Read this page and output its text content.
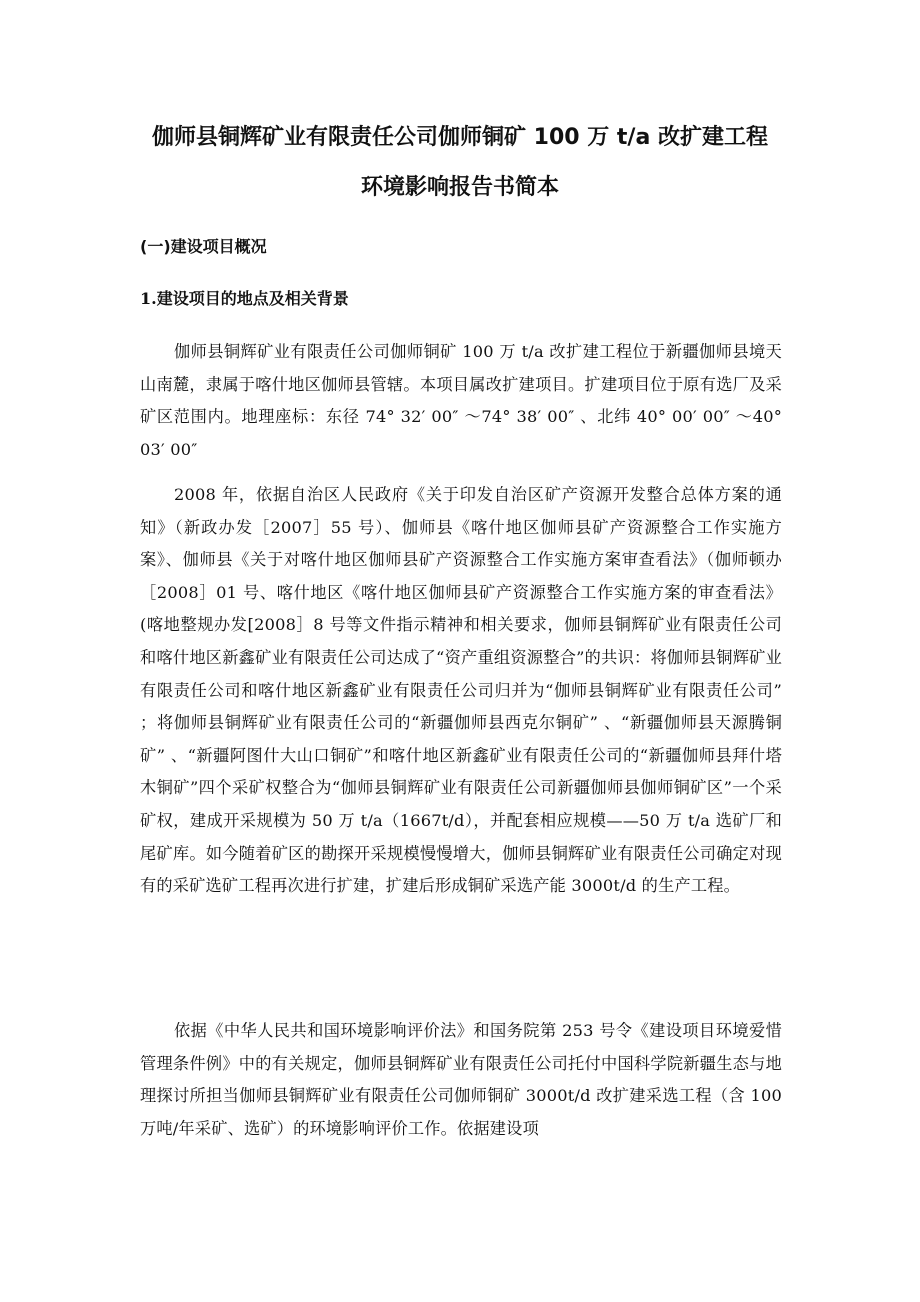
伽师县铜辉矿业有限责任公司伽师铜矿 100 万 t/a 改扩建工程
环境影响报告书简本
(一)建设项目概况
1.建设项目的地点及相关背景

伽师县铜辉矿业有限责任公司伽师铜矿 100 万 t/a 改扩建工程位于新疆伽师县境天山南麓，隶属于喀什地区伽师县管辖。本项目属改扩建项目。扩建项目位于原有选厂及采矿区范围内。地理座标：东径 74° 32′ 00″ ～74° 38′ 00″ 、北纬 40° 00′ 00″ ～40° 03′ 00″

2008 年，依据自治区人民政府《关于印发自治区矿产资源开发整合总体方案的通知》（新政办发［2007］55 号）、伽师县《喀什地区伽师县矿产资源整合工作实施方案》、伽师县《关于对喀什地区伽师县矿产资源整合工作实施方案审查看法》（伽师顿办［2008］01 号、喀什地区《喀什地区伽师县矿产资源整合工作实施方案的审查看法》(喀地整规办发[2008］8 号等文件指示精神和相关要求，伽师县铜辉矿业有限责任公司和喀什地区新鑫矿业有限责任公司达成了“资产重组资源整合”的共识：将伽师县铜辉矿业有限责任公司和喀什地区新鑫矿业有限责任公司归并为“伽师县铜辉矿业有限责任公司” ；将伽师县铜辉矿业有限责任公司的“新疆伽师县西克尔铜矿” 、“新疆伽师县天源腾铜矿” 、“新疆阿图什大山口铜矿”和喀什地区新鑫矿业有限责任公司的“新疆伽师县拜什塔木铜矿”四个采矿权整合为“伽师县铜辉矿业有限责任公司新疆伽师县伽师铜矿区”一个采矿权，建成开采规模为 50 万 t/a（1667t/d），并配套相应规模——50 万 t/a 选矿厂和尾矿库。如今随着矿区的勘探开采规模慢慢增大，伽师县铜辉矿业有限责任公司确定对现有的采矿选矿工程再次进行扩建，扩建后形成铜矿采选产能 3000t/d 的生产工程。

依据《中华人民共和国环境影响评价法》和国务院第 253 号令《建设项目环境爱惜管理条件例》中的有关规定，伽师县铜辉矿业有限责任公司托付中国科学院新疆生态与地理探讨所担当伽师县铜辉矿业有限责任公司伽师铜矿 3000t/d 改扩建采选工程（含 100 万吨/年采矿、选矿）的环境影响评价工作。依据建设项
